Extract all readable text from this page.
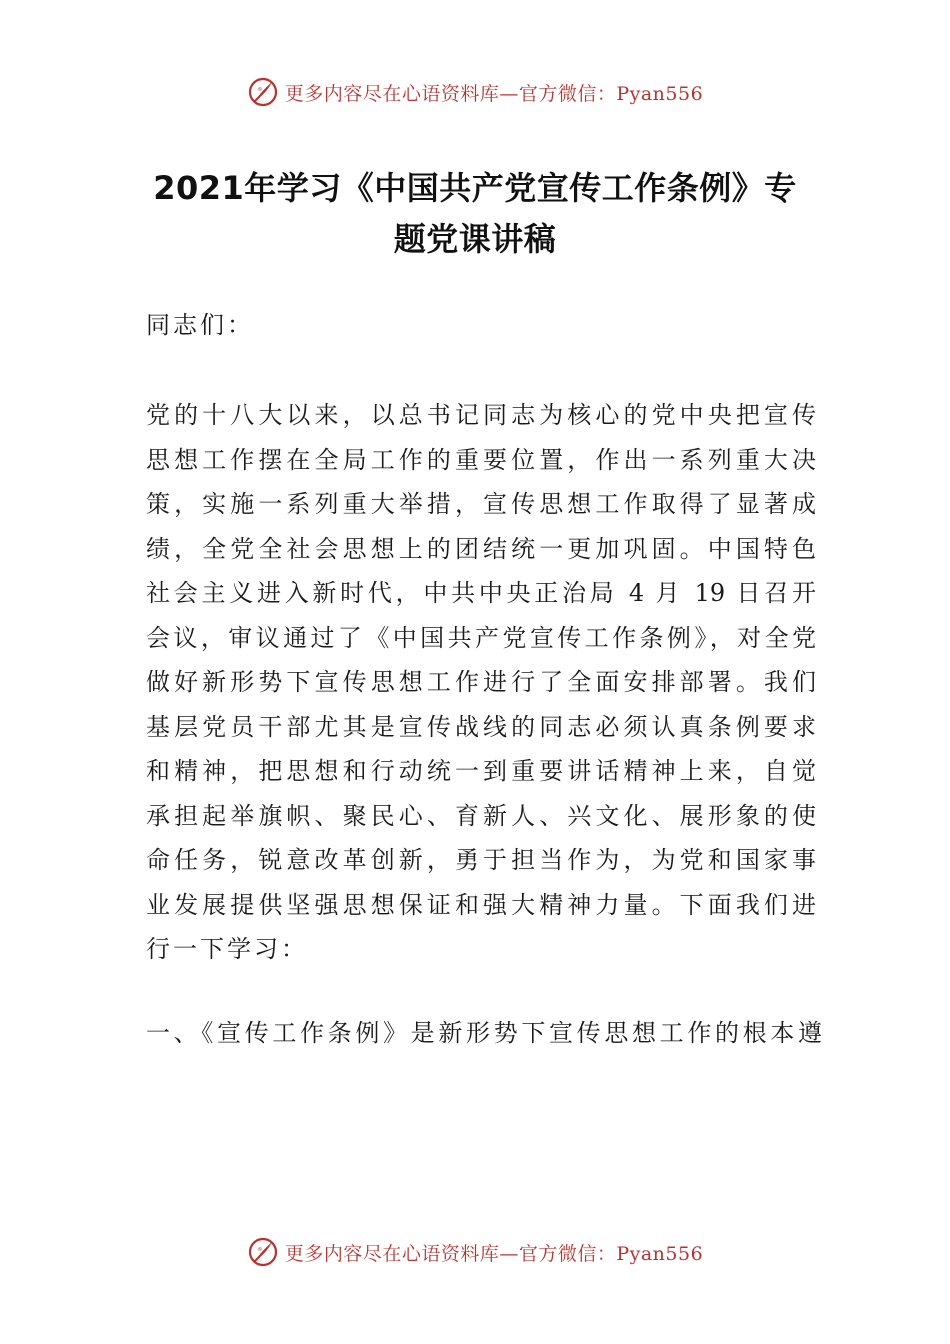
更多内容尽在心语资料库—官方微信：Pyan556
2021年学习《中国共产党宣传工作条例》专
题党课讲稿
同志们：
党的十八大以来，以总书记同志为核心的党中央把宣传
思想工作摆在全局工作的重要位置，作出一系列重大决
策，实施一系列重大举措，宣传思想工作取得了显著成
绩，全党全社会思想上的团结统一更加巩固。中国特色
社会主义进入新时代，中共中央正治局 4 月 19 日召开
会议，审议通过了《中国共产党宣传工作条例》，对全党
做好新形势下宣传思想工作进行了全面安排部署。我们
基层党员干部尤其是宣传战线的同志必须认真条例要求
和精神，把思想和行动统一到重要讲话精神上来，自觉
承担起举旗帜、聚民心、育新人、兴文化、展形象的使
命任务，锐意改革创新，勇于担当作为，为党和国家事
业发展提供坚强思想保证和强大精神力量。下面我们进
行一下学习：
一、《宣传工作条例》是新形势下宣传思想工作的根本遵
更多内容尽在心语资料库—官方微信：Pyan556
